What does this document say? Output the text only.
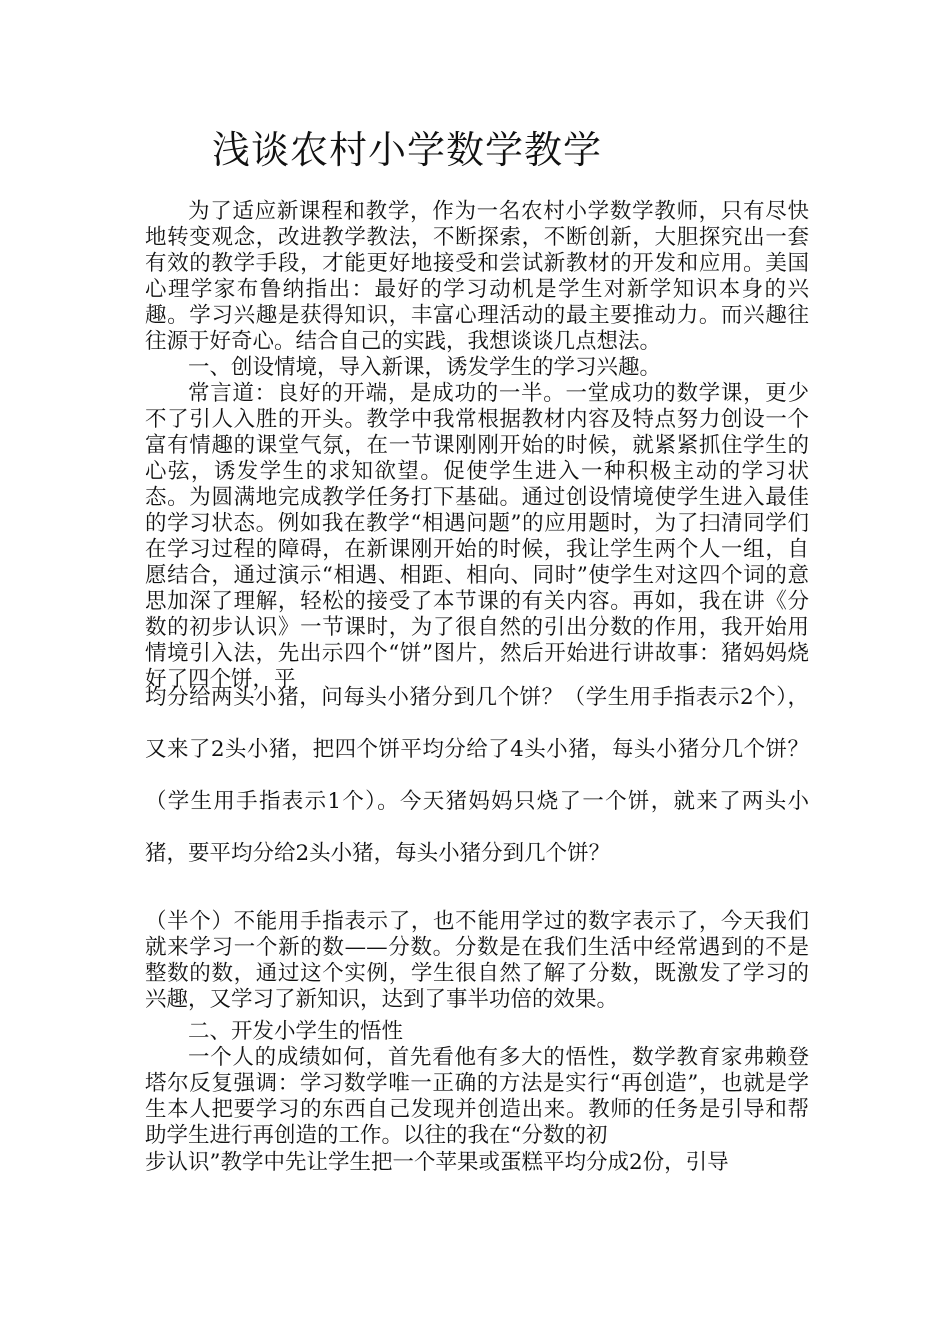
浅谈农村小学数学教学

为了适应新课程和教学，作为一名农村小学数学教师，只有尽快地转变观念，改进教学教法，不断探索，不断创新，大胆探究出一套有效的教学手段，才能更好地接受和尝试新教材的开发和应用。美国心理学家布鲁纳指出：最好的学习动机是学生对新学知识本身的兴趣。学习兴趣是获得知识，丰富心理活动的最主要推动力。而兴趣往往源于好奇心。结合自己的实践，我想谈谈几点想法。

一、创设情境，导入新课，诱发学生的学习兴趣。

常言道：良好的开端，是成功的一半。一堂成功的数学课，更少不了引人入胜的开头。教学中我常根据教材内容及特点努力创设一个富有情趣的课堂气氛，在一节课刚刚开始的时候，就紧紧抓住学生的心弦，诱发学生的求知欲望。促使学生进入一种积极主动的学习状态。为圆满地完成教学任务打下基础。通过创设情境使学生进入最佳的学习状态。例如我在教学“相遇问题”的应用题时，为了扫清同学们在学习过程的障碍，在新课刚开始的时候，我让学生两个人一组，自愿结合，通过演示“相遇、相距、相向、同时”使学生对这四个词的意思加深了理解，轻松的接受了本节课的有关内容。再如，我在讲《分数的初步认识》一节课时，为了很自然的引出分数的作用，我开始用情境引入法，先出示四个“饼”图片，然后开始进行讲故事：猪妈妈烧好了四个饼，平

均分给两头小猪，问每头小猪分到几个饼？（学生用手指表示2个），又来了2头小猪，把四个饼平均分给了4头小猪，每头小猪分几个饼？（学生用手指表示1个）。今天猪妈妈只烧了一个饼，就来了两头小猪，要平均分给2头小猪，每头小猪分到几个饼？

（半个）不能用手指表示了，也不能用学过的数字表示了，今天我们就来学习一个新的数——分数。分数是在我们生活中经常遇到的不是整数的数，通过这个实例，学生很自然了解了分数，既激发了学习的兴趣，又学习了新知识，达到了事半功倍的效果。

二、开发小学生的悟性

一个人的成绩如何，首先看他有多大的悟性，数学教育家弗赖登塔尔反复强调：学习数学唯一正确的方法是实行“再创造”，也就是学生本人把要学习的东西自己发现并创造出来。教师的任务是引导和帮助学生进行再创造的工作。以往的我在“分数的初

步认识”教学中先让学生把一个苹果或蛋糕平均分成2份，引导
